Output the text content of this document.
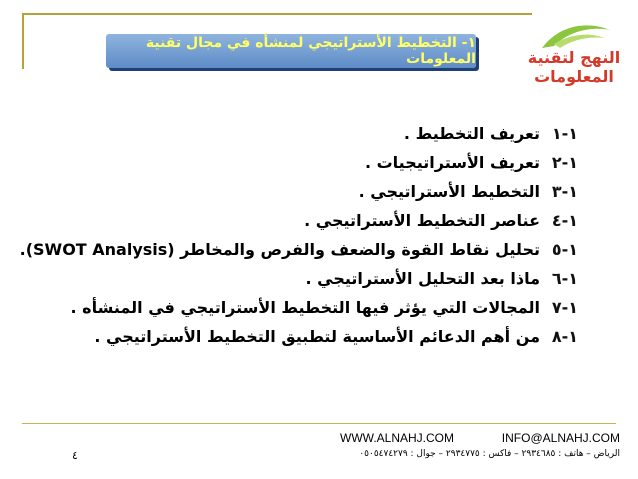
١- التخطيط الأستراتيجي لمنشأه في مجال تقنية المعلومات	النهج لتقنية المعلومات
١-١
تعريف التخطيط .
١-٢
تعريف الأستراتيجيات .
١-٣
التخطيط الأستراتيجي .
١-٤
عناصر التخطيط الأستراتيجي .
١-٥
تحليل نقاط القوة والضعف والفرص والمخاطر (SWOT Analysis).
١-٦
ماذا بعد التحليل الأستراتيجي .
١-٧
المجالات التي يؤثر فيها التخطيط الأستراتيجي في المنشأه .
١-٨
من أهم الدعائم الأساسية لتطبيق التخطيط الأستراتيجي .
WWW.ALNAHJ.COM	INFO@ALNAHJ.COM
الرياض – هاتف : ٢٩٣٤٦٨٥ – فاكس : ٢٩٣٤٧٧٥ – جوال : ٠٥٠٥٤٧٤٢٧٩
٤
